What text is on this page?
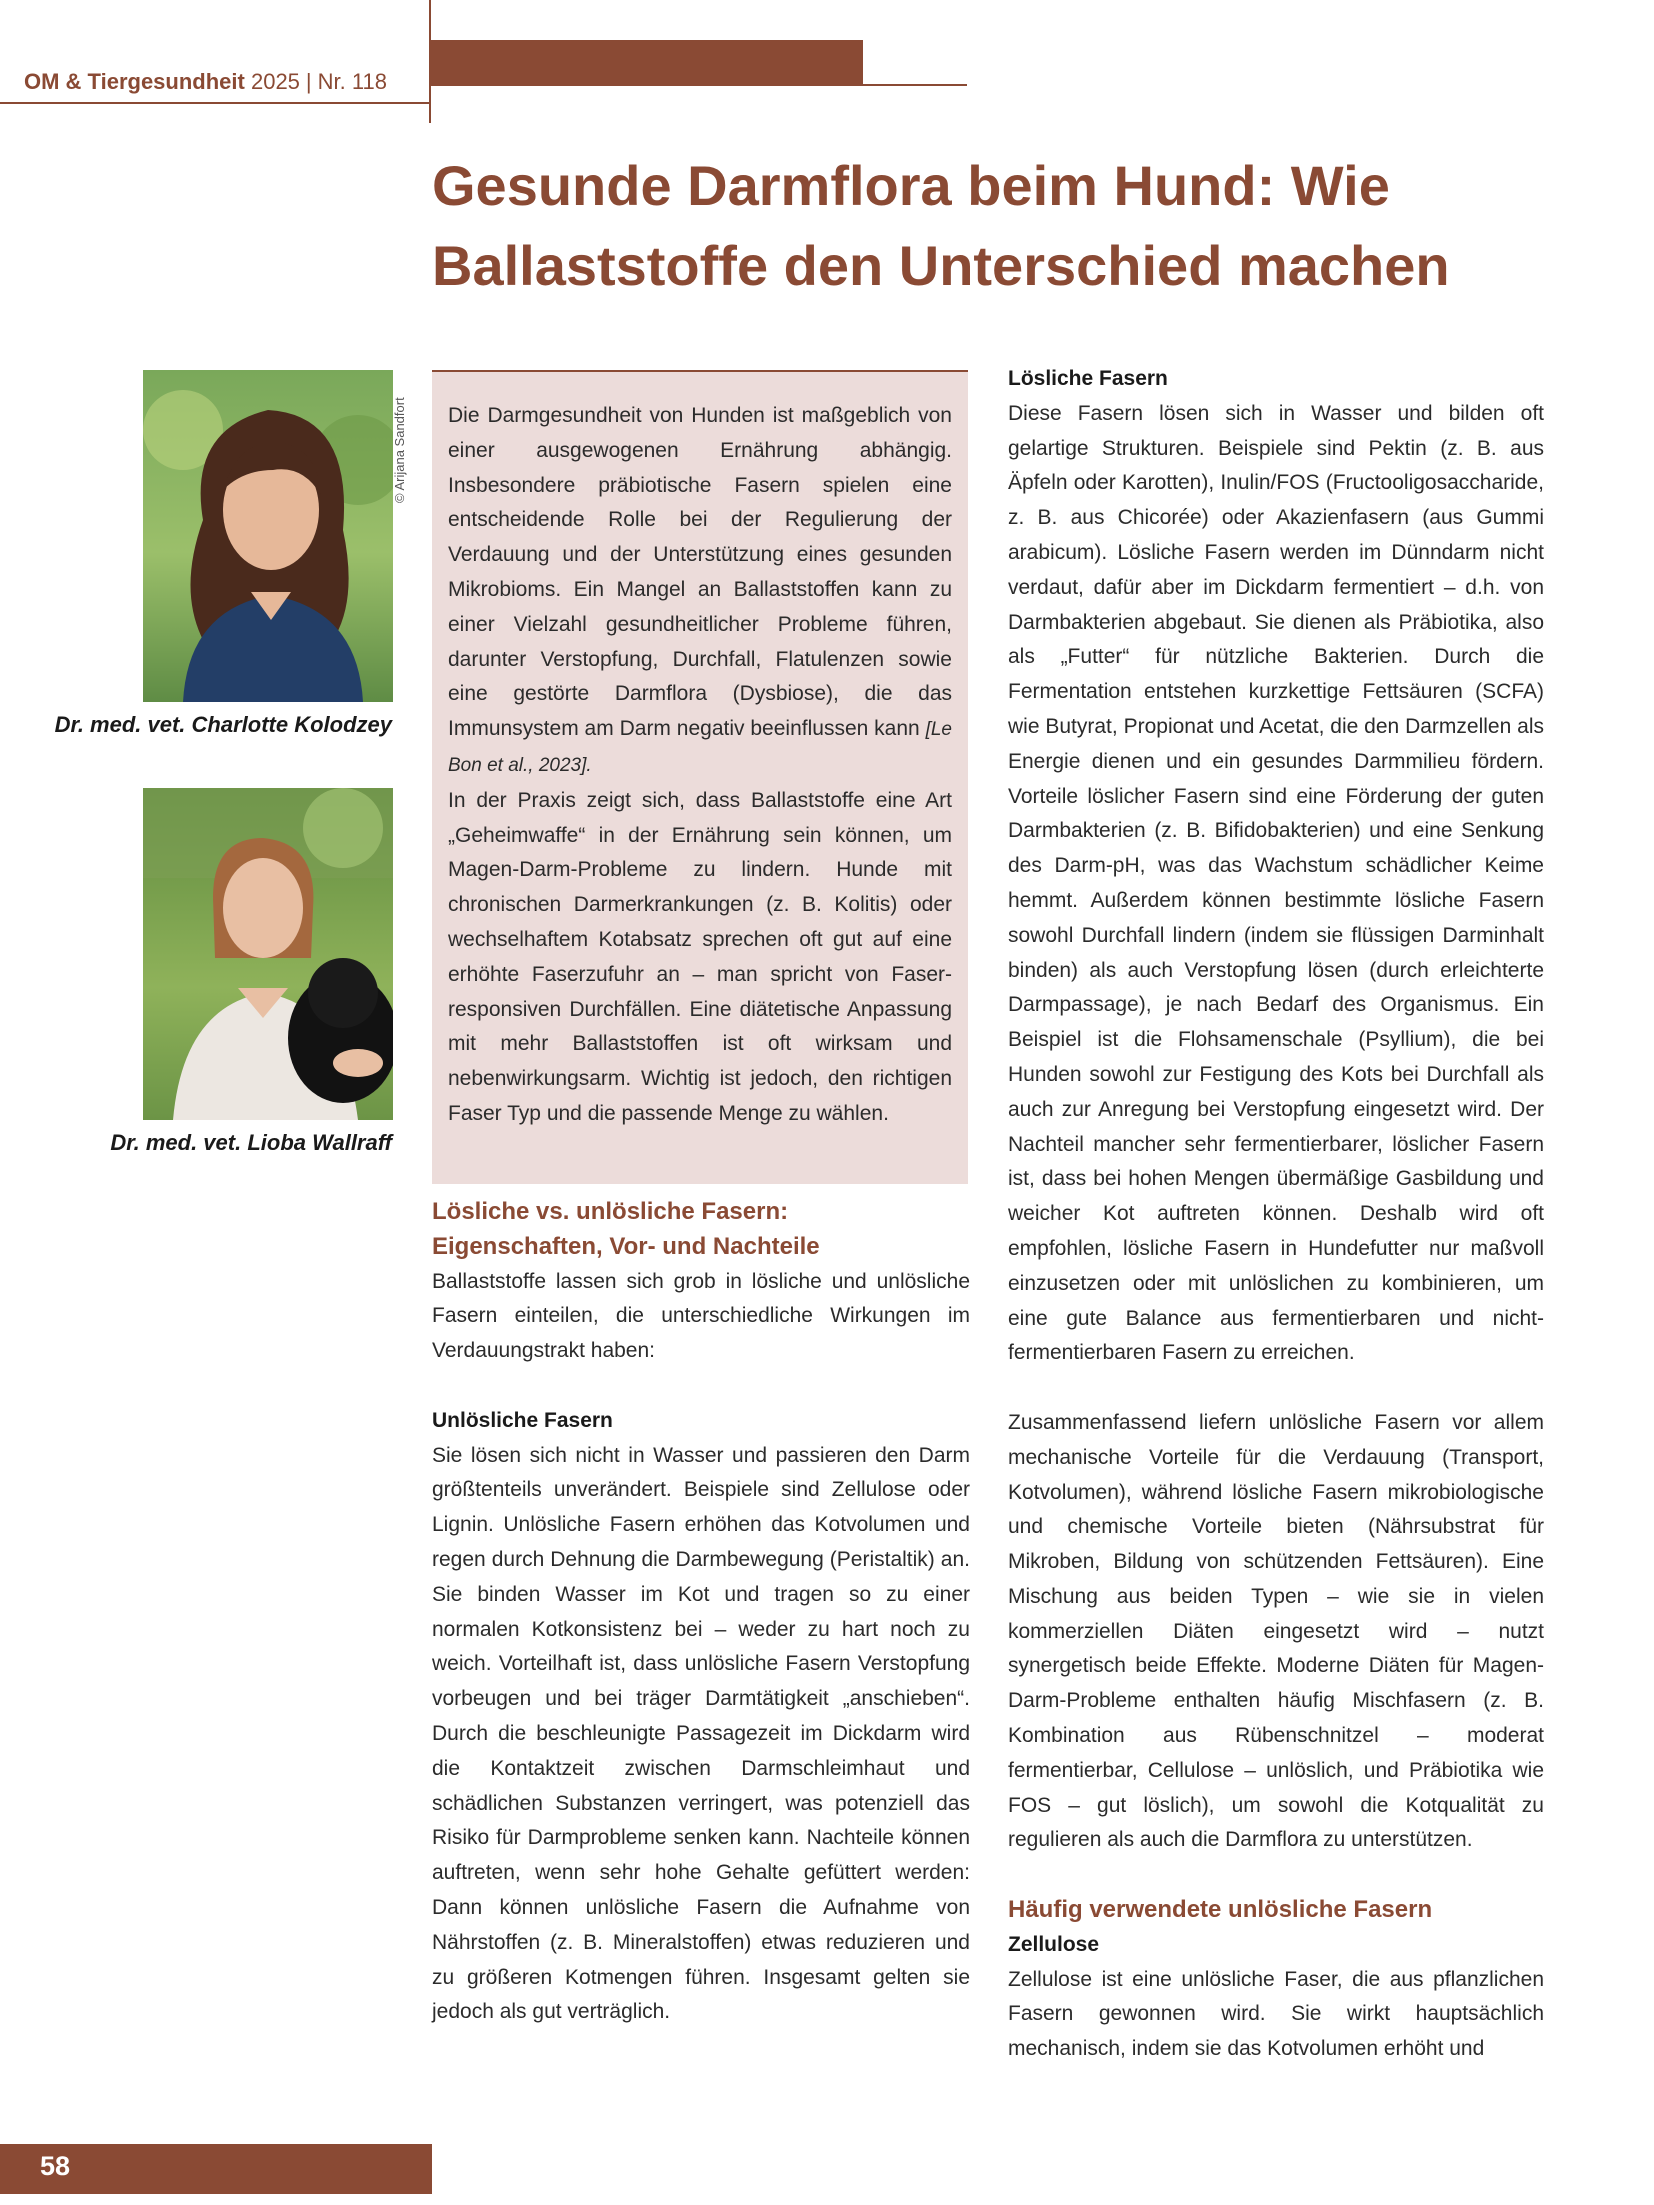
OM & Tiergesundheit 2025 | Nr. 118
Gesunde Darmflora beim Hund: Wie Ballaststoffe den Unterschied machen
© Arijana Sandfort
Dr. med. vet. Charlotte Kolodzey
Dr. med. vet. Lioba Wallraff

Die Darmgesundheit von Hunden ist maßgeblich von einer ausgewogenen Ernährung abhängig. Insbesondere präbiotische Fasern spielen eine entscheidende Rolle bei der Regulierung der Verdauung und der Unterstützung eines gesunden Mikrobioms. Ein Mangel an Ballaststoffen kann zu einer Vielzahl gesundheitlicher Probleme führen, darunter Verstopfung, Durchfall, Flatulenzen sowie eine gestörte Darmflora (Dysbiose), die das Immunsystem am Darm negativ beeinflussen kann [Le Bon et al., 2023].

In der Praxis zeigt sich, dass Ballaststoffe eine Art „Geheimwaffe“ in der Ernährung sein können, um Magen-Darm-Probleme zu lindern. Hunde mit chronischen Darmerkrankungen (z. B. Kolitis) oder wechselhaftem Kotabsatz sprechen oft gut auf eine erhöhte Faserzufuhr an – man spricht von Faser-responsiven Durchfällen. Eine diätetische Anpassung mit mehr Ballaststoffen ist oft wirksam und nebenwirkungsarm. Wichtig ist jedoch, den richtigen Faser Typ und die passende Menge zu wählen.

Lösliche vs. unlösliche Fasern:
Eigenschaften, Vor- und Nachteile

Ballaststoffe lassen sich grob in lösliche und unlösliche Fasern einteilen, die unterschiedliche Wirkungen im Verdauungstrakt haben:

Unlösliche Fasern

Sie lösen sich nicht in Wasser und passieren den Darm größtenteils unverändert. Beispiele sind Zellulose oder Lignin. Unlösliche Fasern erhöhen das Kotvolumen und regen durch Dehnung die Darmbewegung (Peristaltik) an. Sie binden Wasser im Kot und tragen so zu einer normalen Kotkonsistenz bei – weder zu hart noch zu weich. Vorteilhaft ist, dass unlösliche Fasern Verstopfung vorbeugen und bei träger Darmtätigkeit „anschieben“. Durch die beschleunigte Passagezeit im Dickdarm wird die Kontaktzeit zwischen Darmschleimhaut und schädlichen Substanzen verringert, was potenziell das Risiko für Darmprobleme senken kann. Nachteile können auftreten, wenn sehr hohe Gehalte gefüttert werden: Dann können unlösliche Fasern die Aufnahme von Nährstoffen (z. B. Mineralstoffen) etwas reduzieren und zu größeren Kotmengen führen. Insgesamt gelten sie jedoch als gut verträglich.

Lösliche Fasern

Diese Fasern lösen sich in Wasser und bilden oft gelartige Strukturen. Beispiele sind Pektin (z. B. aus Äpfeln oder Karotten), Inulin/FOS (Fructooligosaccharide, z. B. aus Chicorée) oder Akazienfasern (aus Gummi arabicum). Lösliche Fasern werden im Dünndarm nicht verdaut, dafür aber im Dickdarm fermentiert – d.h. von Darmbakterien abgebaut. Sie dienen als Präbiotika, also als „Futter“ für nützliche Bakterien. Durch die Fermentation entstehen kurzkettige Fettsäuren (SCFA) wie Butyrat, Propionat und Acetat, die den Darmzellen als Energie dienen und ein gesundes Darmmilieu fördern. Vorteile löslicher Fasern sind eine Förderung der guten Darmbakterien (z. B. Bifidobakterien) und eine Senkung des Darm-pH, was das Wachstum schädlicher Keime hemmt. Außerdem können bestimmte lösliche Fasern sowohl Durchfall lindern (indem sie flüssigen Darminhalt binden) als auch Verstopfung lösen (durch erleichterte Darmpassage), je nach Bedarf des Organismus. Ein Beispiel ist die Flohsamenschale (Psyllium), die bei Hunden sowohl zur Festigung des Kots bei Durchfall als auch zur Anregung bei Verstopfung eingesetzt wird. Der Nachteil mancher sehr fermentierbarer, löslicher Fasern ist, dass bei hohen Mengen übermäßige Gasbildung und weicher Kot auftreten können. Deshalb wird oft empfohlen, lösliche Fasern in Hundefutter nur maßvoll einzusetzen oder mit unlöslichen zu kombinieren, um eine gute Balance aus fermentierbaren und nicht-fermentierbaren Fasern zu erreichen.

Zusammenfassend liefern unlösliche Fasern vor allem mechanische Vorteile für die Verdauung (Transport, Kotvolumen), während lösliche Fasern mikrobiologische und chemische Vorteile bieten (Nährsubstrat für Mikroben, Bildung von schützenden Fettsäuren). Eine Mischung aus beiden Typen – wie sie in vielen kommerziellen Diäten eingesetzt wird – nutzt synergetisch beide Effekte. Moderne Diäten für Magen-Darm-Probleme enthalten häufig Mischfasern (z. B. Kombination aus Rübenschnitzel – moderat fermentierbar, Cellulose – unlöslich, und Präbiotika wie FOS – gut löslich), um sowohl die Kotqualität zu regulieren als auch die Darmflora zu unterstützen.

Häufig verwendete unlösliche Fasern
Zellulose

Zellulose ist eine unlösliche Faser, die aus pflanzlichen Fasern gewonnen wird. Sie wirkt hauptsächlich mechanisch, indem sie das Kotvolumen erhöht und

58
